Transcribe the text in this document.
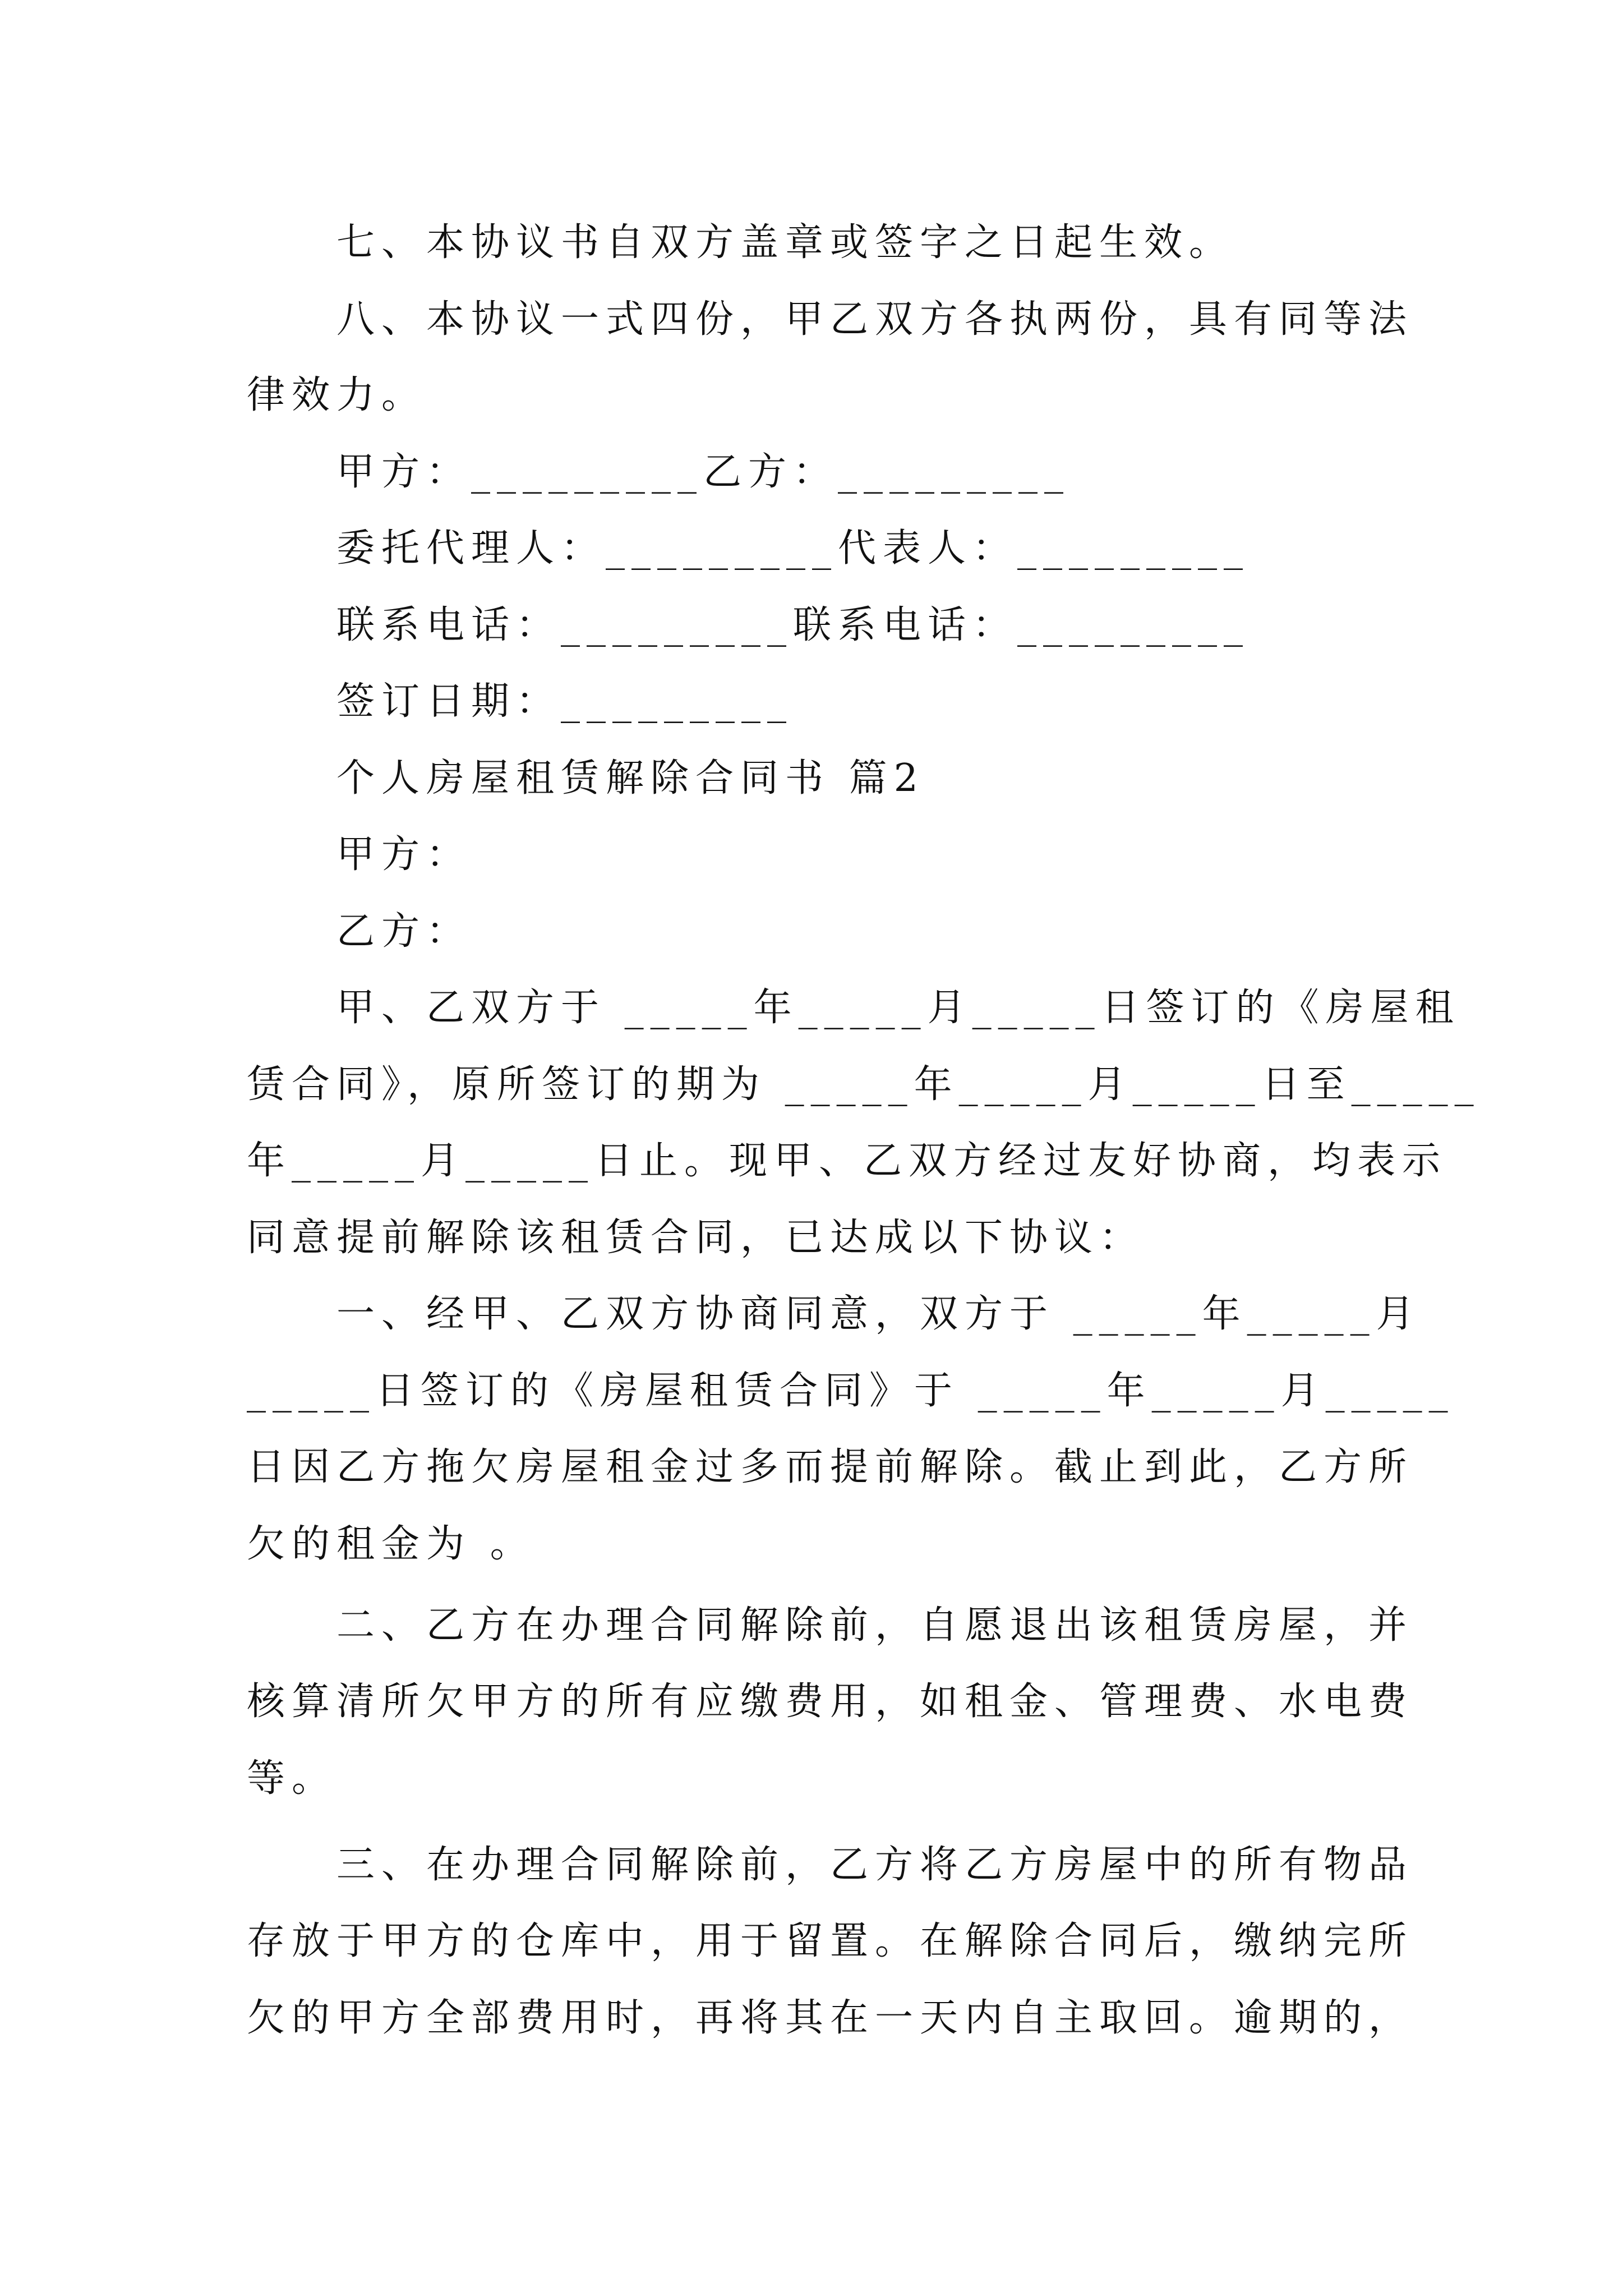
七、本协议书自双方盖章或签字之日起生效。
八、本协议一式四份，甲乙双方各执两份，具有同等法
律效力。
甲方：_________乙方：_________
委托代理人：_________代表人：_________
联系电话：_________联系电话：_________
签订日期：_________
个人房屋租赁解除合同书 篇2
甲方：
乙方：
甲、乙双方于 _____年_____月_____日签订的《房屋租
赁合同》，原所签订的期为 _____年_____月_____日至_____
年_____月_____日止。现甲、乙双方经过友好协商，均表示
同意提前解除该租赁合同，已达成以下协议：
一、经甲、乙双方协商同意，双方于 _____年_____月
_____日签订的《房屋租赁合同》于 _____年_____月_____
日因乙方拖欠房屋租金过多而提前解除。截止到此，乙方所
欠的租金为 。
二、乙方在办理合同解除前，自愿退出该租赁房屋，并
核算清所欠甲方的所有应缴费用，如租金、管理费、水电费
等。
三、在办理合同解除前，乙方将乙方房屋中的所有物品
存放于甲方的仓库中，用于留置。在解除合同后，缴纳完所
欠的甲方全部费用时，再将其在一天内自主取回。逾期的，
